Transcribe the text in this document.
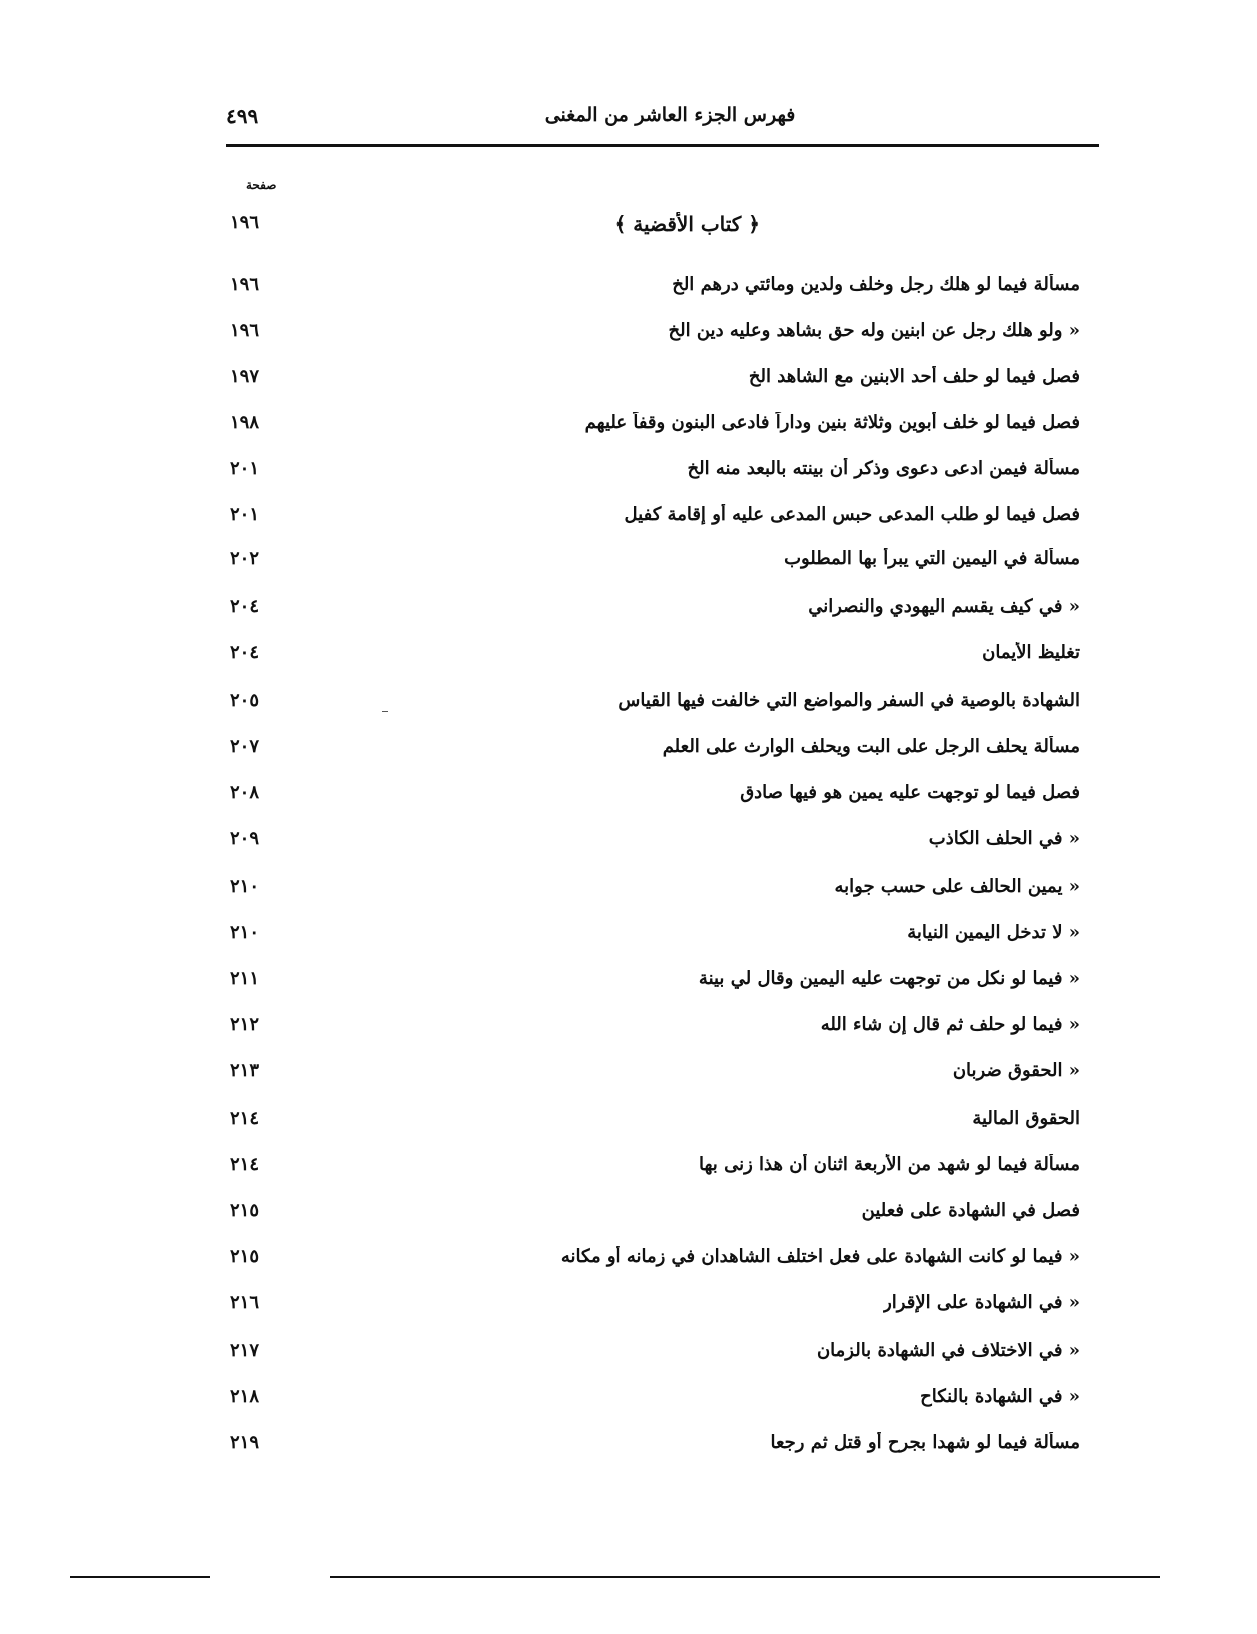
فهرس الجزء العاشر من المغنى
٤٩٩
صفحة
﴿ كتاب الأقضية ﴾
١٩٦
مسألة فيما لو هلك رجل وخلف ولدين ومائتي درهم الخ
١٩٦
« ولو هلك رجل عن ابنين وله حق بشاهد وعليه دين الخ
١٩٦
فصل فيما لو حلف أحد الابنين مع الشاهد الخ
١٩٧
فصل فيما لو خلف أبوين وثلاثة بنين وداراً فادعى البنون وقفاً عليهم
١٩٨
مسألة فيمن ادعى دعوى وذكر أن بينته بالبعد منه الخ
٢٠١
فصل فيما لو طلب المدعى حبس المدعى عليه أو إقامة كفيل
٢٠١
مسألة في اليمين التي يبرأ بها المطلوب
٢٠٢
« في كيف يقسم اليهودي والنصراني
٢٠٤
تغليظ الأيمان
٢٠٤
الشهادة بالوصية في السفر والمواضع التي خالفت فيها القياس
٢٠٥
مسألة يحلف الرجل على البت ويحلف الوارث على العلم
٢٠٧
فصل فيما لو توجهت عليه يمين هو فيها صادق
٢٠٨
« في الحلف الكاذب
٢٠٩
« يمين الحالف على حسب جوابه
٢١٠
« لا تدخل اليمين النيابة
٢١٠
« فيما لو نكل من توجهت عليه اليمين وقال لي بينة
٢١١
« فيما لو حلف ثم قال إن شاء الله
٢١٢
« الحقوق ضربان
٢١٣
الحقوق المالية
٢١٤
مسألة فيما لو شهد من الأربعة اثنان أن هذا زنى بها
٢١٤
فصل في الشهادة على فعلين
٢١٥
« فيما لو كانت الشهادة على فعل اختلف الشاهدان في زمانه أو مكانه
٢١٥
« في الشهادة على الإقرار
٢١٦
« في الاختلاف في الشهادة بالزمان
٢١٧
« في الشهادة بالنكاح
٢١٨
مسألة فيما لو شهدا بجرح أو قتل ثم رجعا
٢١٩
